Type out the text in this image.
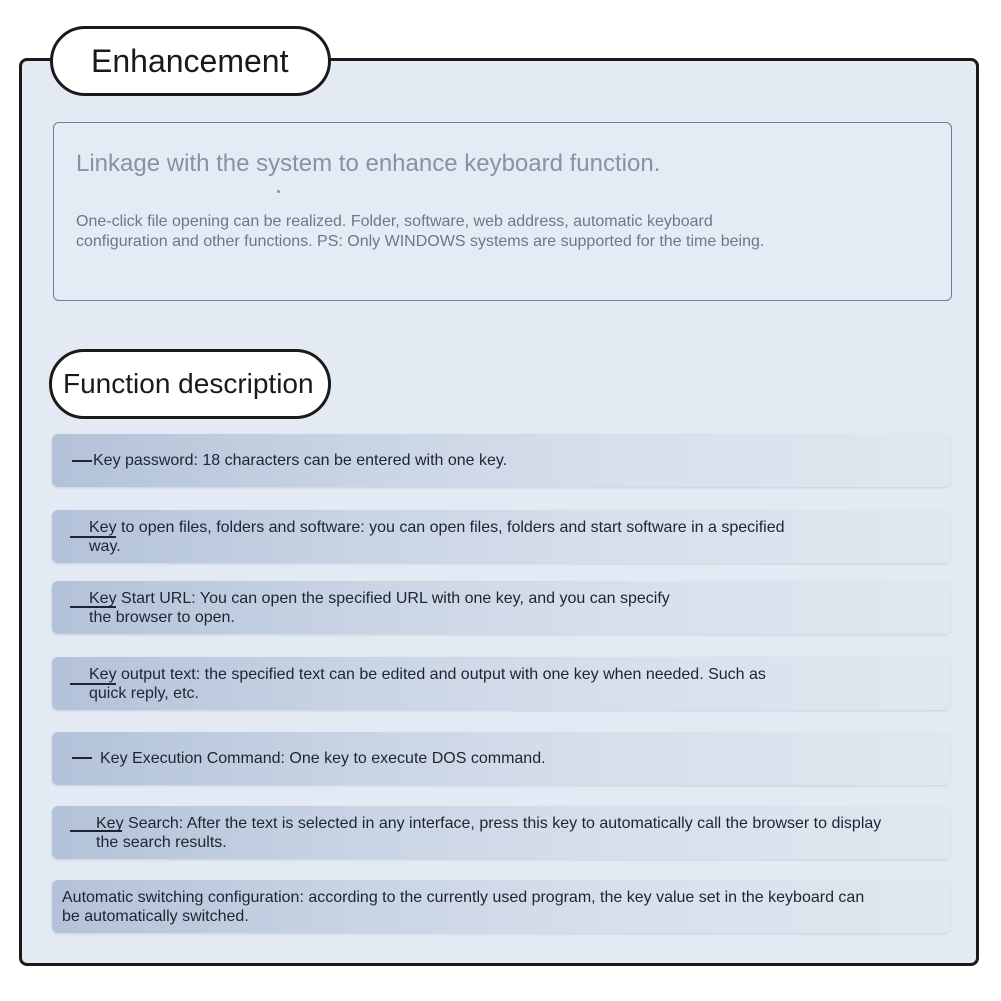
Enhancement
Linkage with the system to enhance keyboard function.
One-click file opening can be realized. Folder, software, web address, automatic keyboard
configuration and other functions. PS: Only WINDOWS systems are supported for the time being.
Function description
Key password: 18 characters can be entered with one key.
Key to open files, folders and software: you can open files, folders and start software in a specified
way.
Key Start URL: You can open the specified URL with one key, and you can specify
the browser to open.
Key output text: the specified text can be edited and output with one key when needed. Such as
quick reply, etc.
Key Execution Command: One key to execute DOS command.
Key Search: After the text is selected in any interface, press this key to automatically call the browser to display
the search results.
Automatic switching configuration: according to the currently used program, the key value set in the keyboard can
be automatically switched.
